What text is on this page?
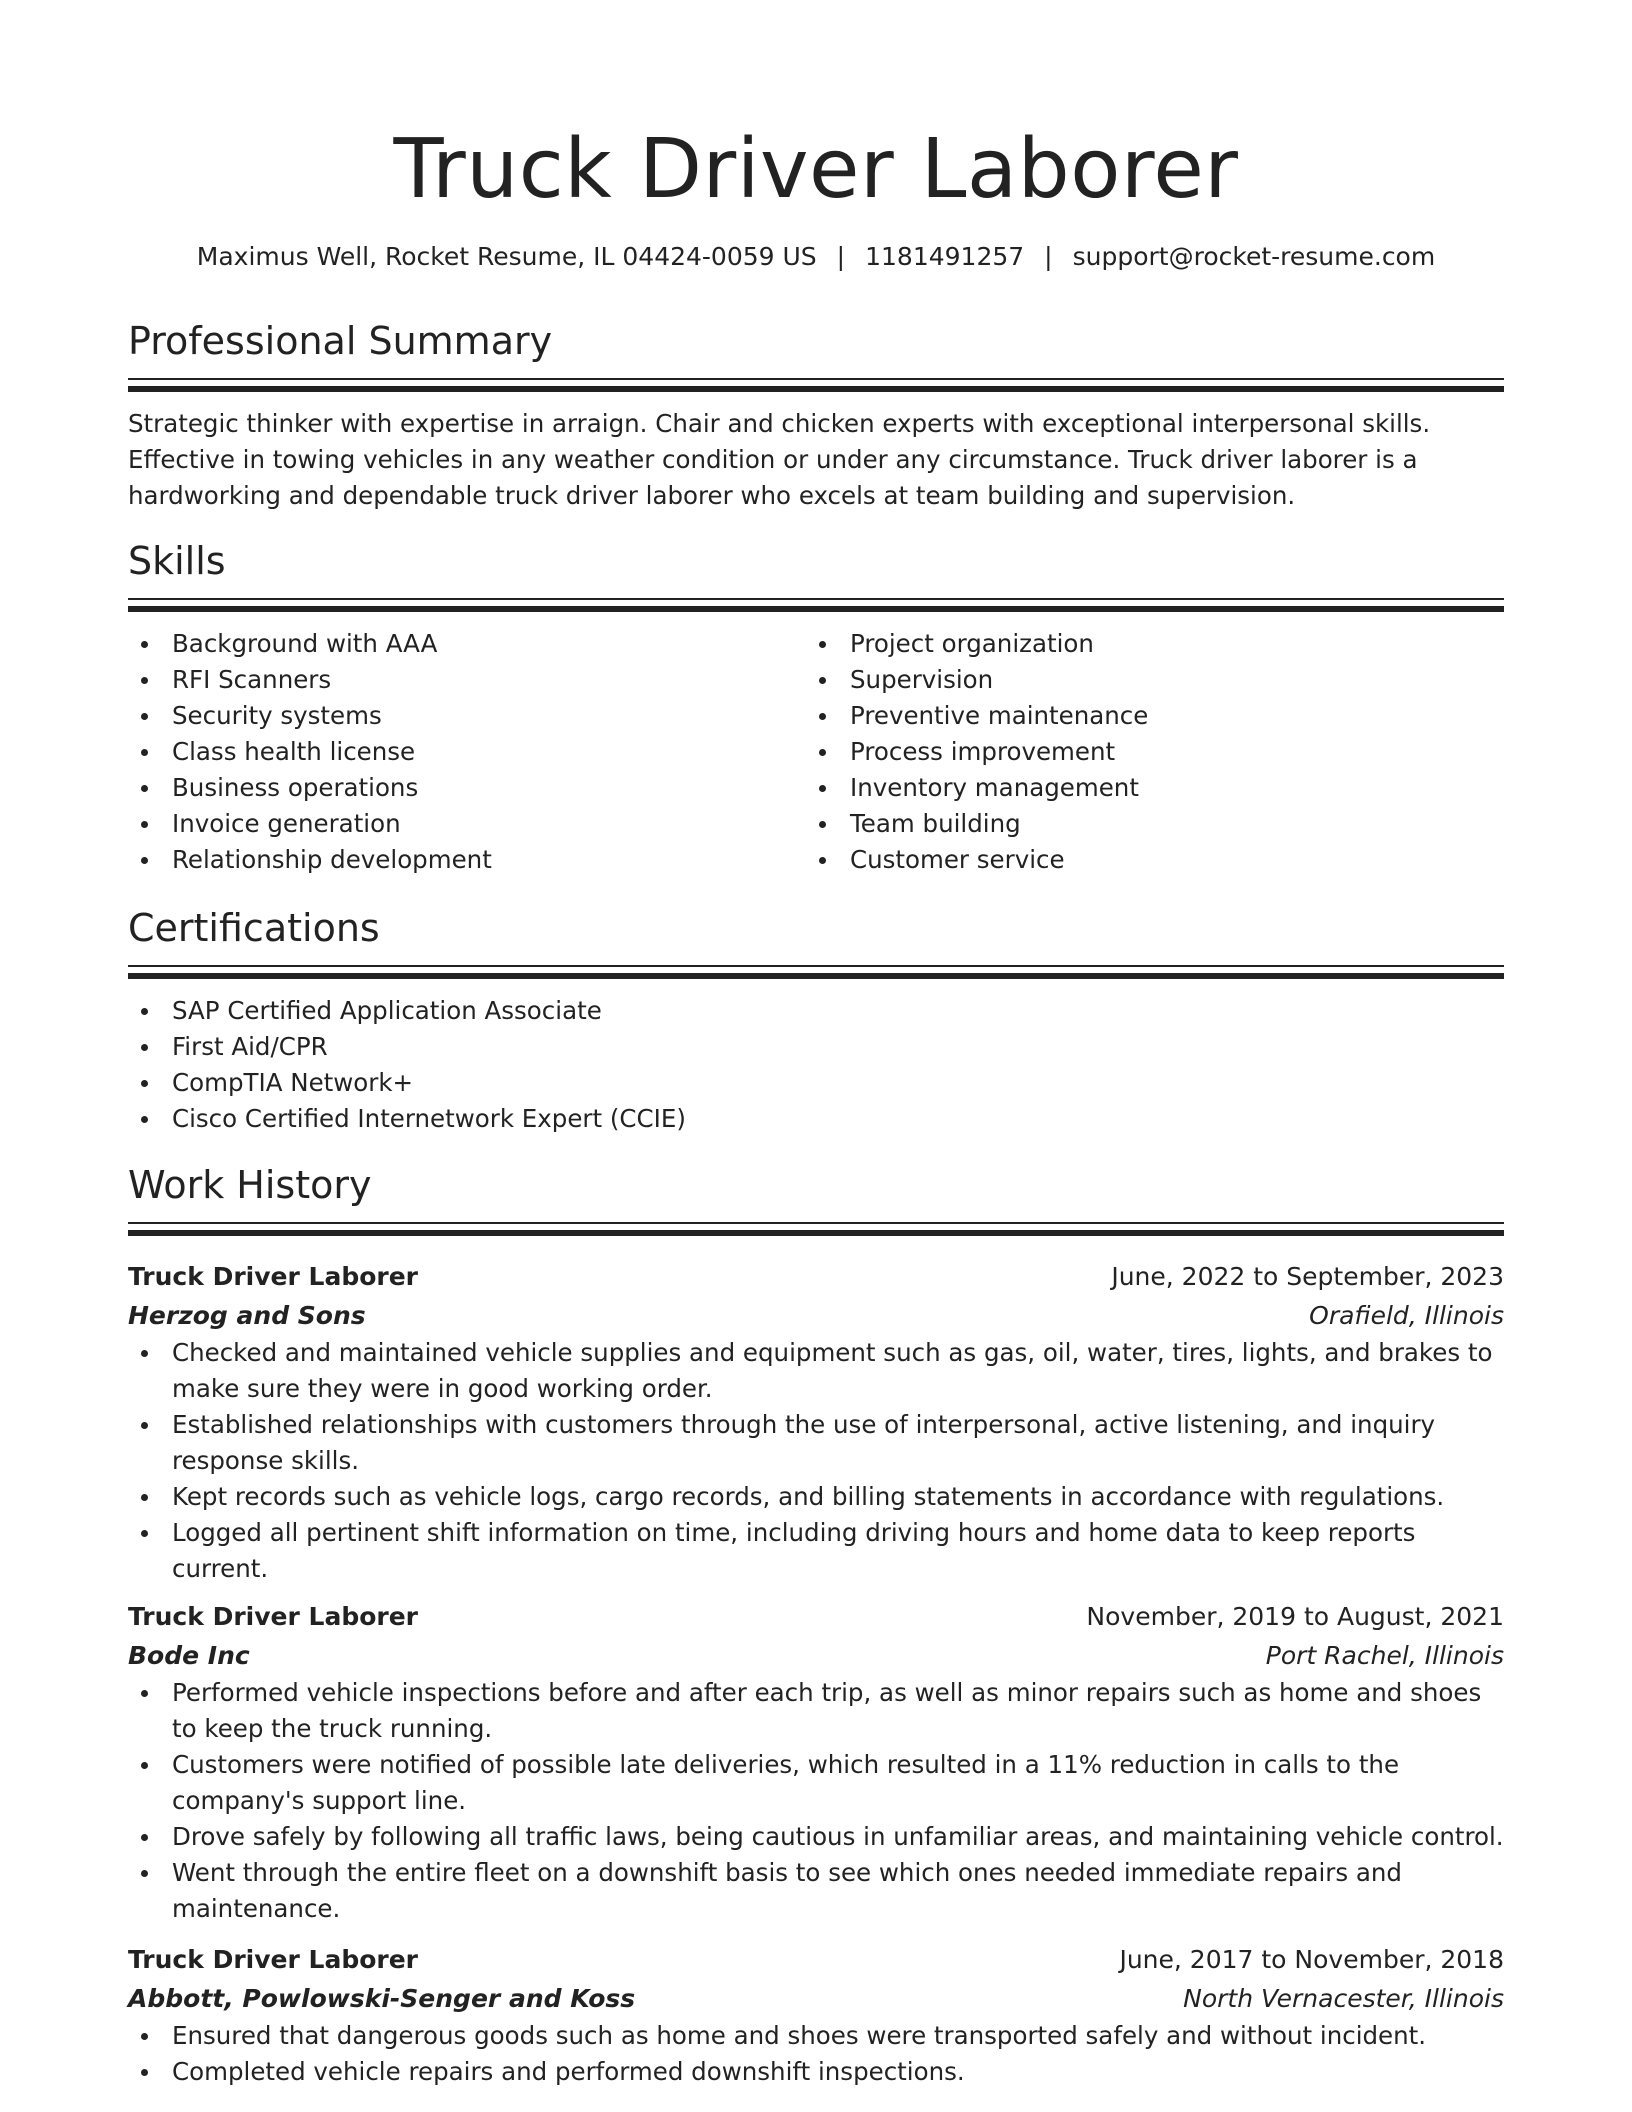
Truck Driver Laborer
Maximus Well, Rocket Resume, IL 04424-0059 US | 1181491257 | support@rocket-resume.com
Professional Summary
Strategic thinker with expertise in arraign. Chair and chicken experts with exceptional interpersonal skills. Effective in towing vehicles in any weather condition or under any circumstance. Truck driver laborer is a hardworking and dependable truck driver laborer who excels at team building and supervision.
Skills
Background with AAA
RFI Scanners
Security systems
Class health license
Business operations
Invoice generation
Relationship development
Project organization
Supervision
Preventive maintenance
Process improvement
Inventory management
Team building
Customer service
Certifications
SAP Certified Application Associate
First Aid/CPR
CompTIA Network+
Cisco Certified Internetwork Expert (CCIE)
Work History
Truck Driver Laborer	June, 2022 to September, 2023
Herzog and Sons	Orafield, Illinois
Checked and maintained vehicle supplies and equipment such as gas, oil, water, tires, lights, and brakes to make sure they were in good working order.
Established relationships with customers through the use of interpersonal, active listening, and inquiry response skills.
Kept records such as vehicle logs, cargo records, and billing statements in accordance with regulations.
Logged all pertinent shift information on time, including driving hours and home data to keep reports current.
Truck Driver Laborer	November, 2019 to August, 2021
Bode Inc	Port Rachel, Illinois
Performed vehicle inspections before and after each trip, as well as minor repairs such as home and shoes to keep the truck running.
Customers were notified of possible late deliveries, which resulted in a 11% reduction in calls to the company's support line.
Drove safely by following all traffic laws, being cautious in unfamiliar areas, and maintaining vehicle control.
Went through the entire fleet on a downshift basis to see which ones needed immediate repairs and maintenance.
Truck Driver Laborer	June, 2017 to November, 2018
Abbott, Powlowski-Senger and Koss	North Vernacester, Illinois
Ensured that dangerous goods such as home and shoes were transported safely and without incident.
Completed vehicle repairs and performed downshift inspections.
